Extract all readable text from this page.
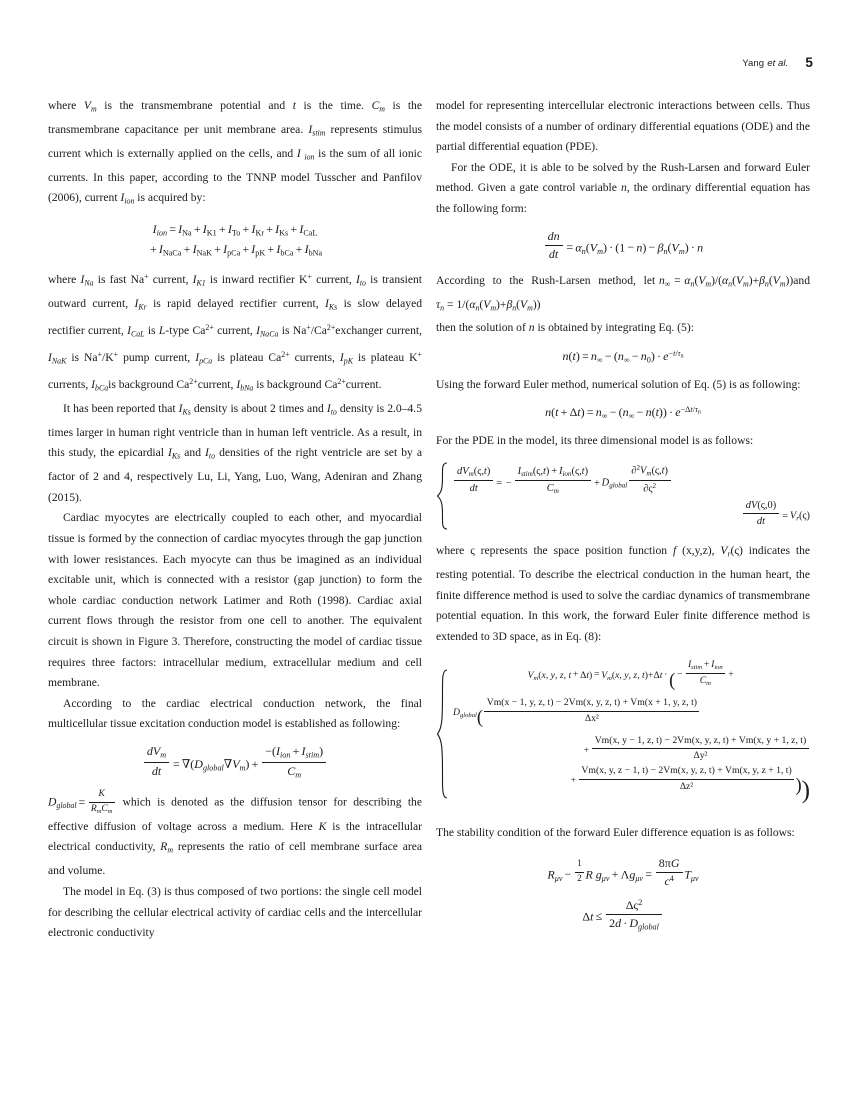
Yang et al. 5

where $V_m$ is the transmembrane potential and t is the time. $C_m$ is the transmembrane capacitance per unit membrane area. $I_{stim}$ represents stimulus current which is externally applied on the cells, and I $_{ion}$ is the sum of all ionic currents. In this paper, according to the TNNP model Tusscher and Panfilov (2006), current $I_{ion}$ is acquired by:

$I_{ion} = I_{Na} + I_{K1} + I_{To} + I_{Kr} + I_{Ks} + I_{CaL}$
+ $I_{NaCa} + I_{NaK} + I_{pCa} + I_{pK} + I_{bCa} + I_{bNa}$

where $I_{Na}$ is fast Na+ current, $I_{K1}$ is inward rectifier K+ current, $I_{to}$ is transient outward current, $I_{Kr}$ is rapid delayed rectifier current, $I_{Ks}$ is slow delayed rectifier current, $I_{CaL}$ is L-type $Ca^{2+}$ current, $I_{NaCa}$ is $Na^+/Ca^{2+}exchanger$ current, $I_{NaK}$ is Na+/K+ pump current, $I_{pCa}$ is plateau $Ca^{2+}$ currents, $I_{pK}$ is plateau K+ currents, $I_{bCa}is$ background $Ca^{2+}current$, $I_{bNa}$ is background $Ca^{2+}current$.

It has been reported that $I_{Ks}$ density is about 2 times and $I_{to}$ density is 2.0–4.5 times larger in human right ventricle than in human left ventricle. As a result, in this study, the epicardial $I_{Ks}$ and $I_{to}$ densities of the right ventricle are set by a factor of 2 and 4, respectively Lu, Li, Yang, Luo, Wang, Adeniran and Zhang (2015).

Cardiac myocytes are electrically coupled to each other, and myocardial tissue is formed by the connection of cardiac myocytes through the gap junction with lower resistances. Each myocyte can thus be imagined as an individual excitable unit, which is connected with a resistor (gap junction) to form the whole cardiac conduction network Latimer and Roth (1998). Cardiac axial current flows through the resistor from one cell to another. The equivalent circuit is shown in Figure 3. Therefore, constructing the model of cardiac tissue requires three factors: intracellular medium, extracellular medium and cell membrane.

According to the cardiac electrical conduction network, the final multicellular tissue excitation conduction model is established as following:

$\frac{dV_m}{dt} = \nabla(D_{global}\nabla V_m) + \frac{-(I_{ion} + I_{stim})}{C_m}$

$D_{global} = \frac{K}{R_mC_m}$ which is denoted as the diffusion tensor for describing the effective diffusion of voltage across a medium. Here K is the intracellular electrical conductivity, $R_m$ represents the ratio of cell membrane surface area and volume.

The model in Eq. (3) is thus composed of two portions: the single cell model for describing the cellular electrical activity of cardiac cells and the intercellular electronic conductivity

model for representing intercellular electronic interactions between cells. Thus the model consists of a number of ordinary differential equations (ODE) and the partial differential equation (PDE).

For the ODE, it is able to be solved by the Rush-Larsen and forward Euler method. Given a gate control variable n, the ordinary differential equation has the following form:

$\frac{dn}{dt} = \alpha_n(V_m) \cdot (1 - n) - \beta_n(V_m) \cdot n$

According to the Rush-Larsen method, let $n_\infty = \alpha_n(V_m)/(\alpha_n(V_m)+\beta_n(V_m))and$ $\tau_n = 1/(\alpha_n(V_m)+\beta_n(V_m))$
then the solution of n is obtained by integrating Eq. (5):

$n(t) = n_\infty - (n_\infty - n_0) \cdot e^{-t/\tau n}$

Using the forward Euler method, numerical solution of Eq. (5) is as following:

$n(t + \Delta t) = n_\infty - (n_\infty - n(t)) \cdot e^{-\Delta t/\tau n}$

For the PDE in the model, its three dimensional model is as follows:

$\frac{dV_m(\varsigma,t)}{dt}$ = − $\frac{I_{stim}(\varsigma,t) + I_{ion}(\varsigma,t)}{C_m} + D_{global} \frac{\partial^2V_m(\varsigma,t)}{\partial\varsigma^2}$
$\frac{dV(\varsigma,0)}{dt} = V_r(\varsigma)$

where ς represents the space position function f (x,y,z), $V_r(\varsigma)$ indicates the resting potential. To describe the electrical conduction in the human heart, the finite difference method is used to solve the cardiac dynamics of transmembrane potential equation. In this work, the forward Euler finite difference method is extended to 3D space, as in Eq. (8):

$V_m(x$, y, z, $t + \Delta t) = V_m(x$, y, z, t)+Δt ·( − $\frac{I_{stim} + I_{ion}}{C_m}$ +
$D_{global}( \frac{Vm(x - 1, y, z, t) - 2Vm(x, y, z, t) + Vm(x + 1, y, z, t)}{\text{Δx²}}$
+ $\frac{Vm(x, y - 1, z, t) - 2Vm(x, y, z, t) + Vm(x, y + 1, z, t)}{\text{Δy²}}$
+ $\frac{Vm(x, y, z - 1, t) - 2Vm(x, y, z, t) + Vm(x, y, z + 1, t)}{\text{Δz²}}$ ))

The stability condition of the forward Euler difference equation is as follows:

$R_{\mu\nu} - \frac{1}{2}$ R $g_{\mu\nu} + \Lambda g_{\mu\nu} = \frac{8\pi G}{c^4} T_{\mu\nu}$
$\Delta t \le \frac{\Delta\varsigma^2}{2d \cdot D_{global}}$
